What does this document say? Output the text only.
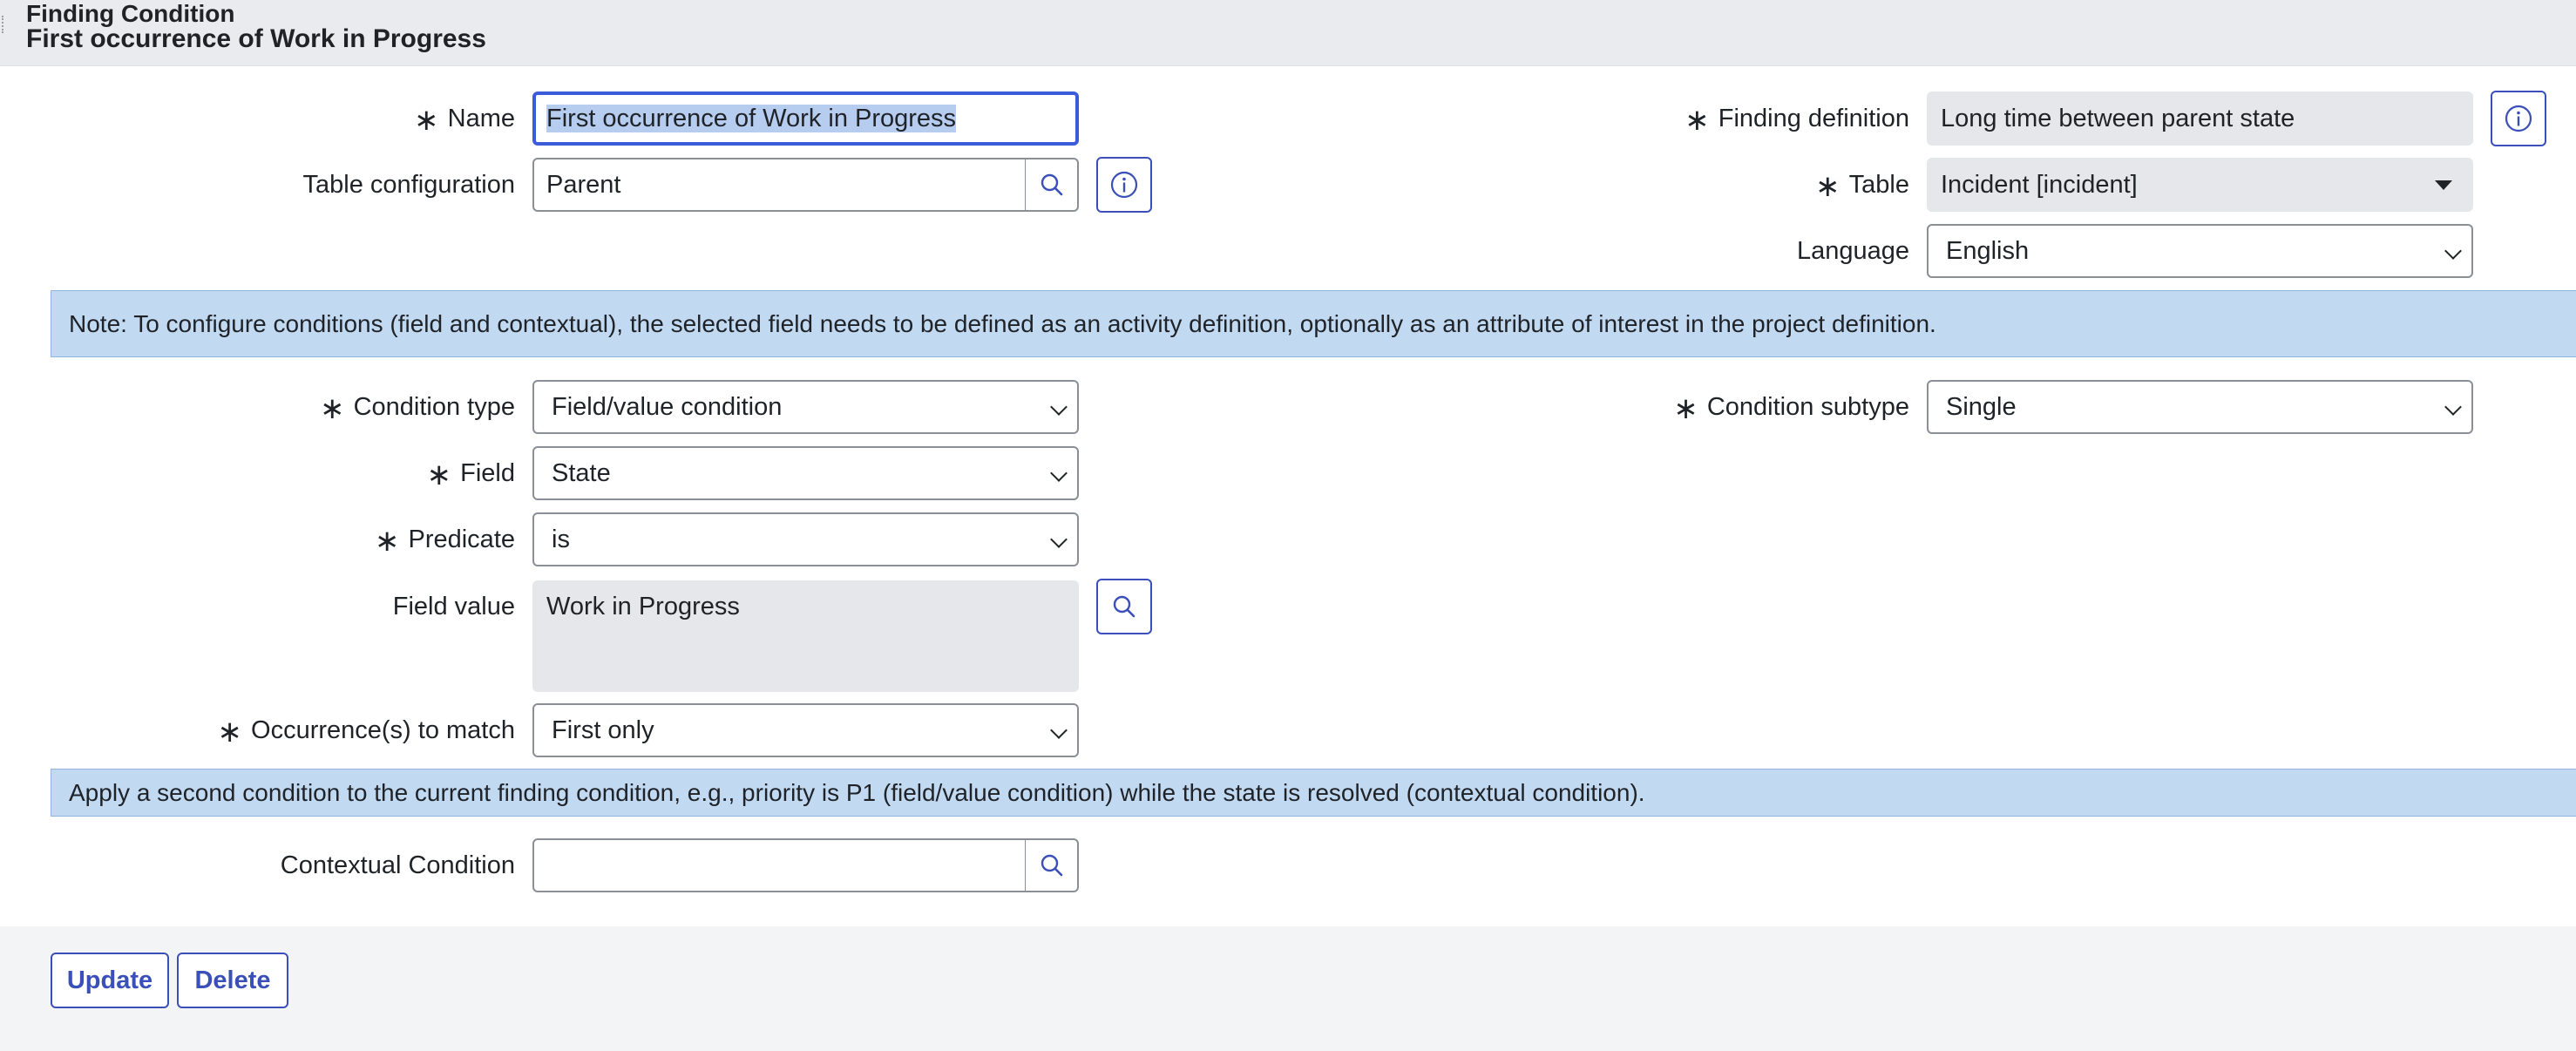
Finding Condition
First occurrence of Work in Progress
∗ Name	First occurrence of Work in Progress	∗ Finding definition	Long time between parent state
Table configuration	Parent	∗ Table	Incident [incident]
Language	English
Note: To configure conditions (field and contextual), the selected field needs to be defined as an activity definition, optionally as an attribute of interest in the project definition.
∗ Condition type	Field/value condition	∗ Condition subtype	Single
∗ Field	State
∗ Predicate	is
Field value	Work in Progress
∗ Occurrence(s) to match	First only
Apply a second condition to the current finding condition, e.g., priority is P1 (field/value condition) while the state is resolved (contextual condition).
Contextual Condition
Update	Delete
